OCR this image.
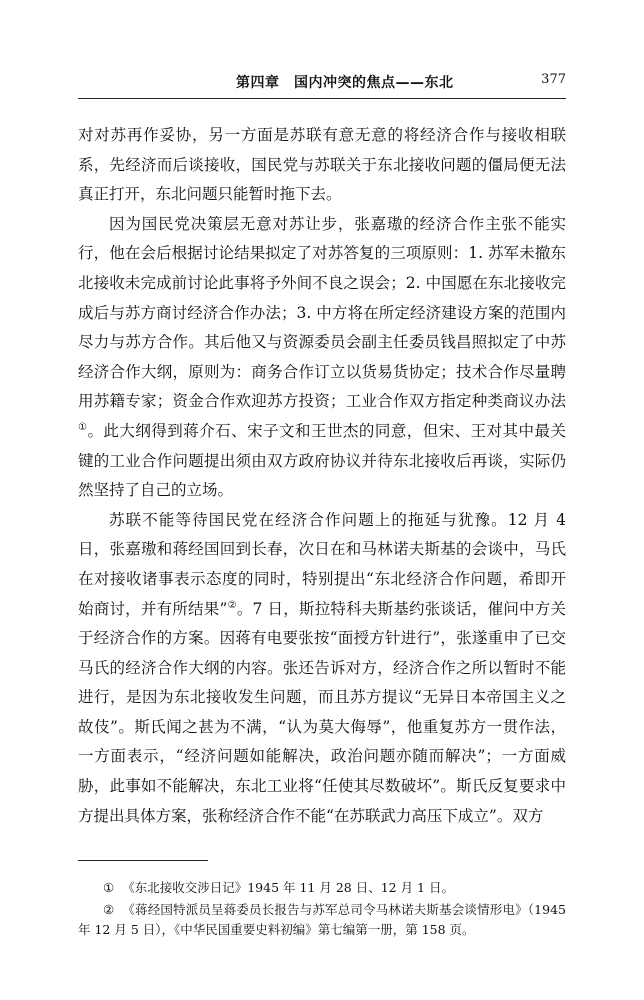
第四章　国内冲突的焦点——东北	377

对对苏再作妥协，另一方面是苏联有意无意的将经济合作与接收相联系，先经济而后谈接收，国民党与苏联关于东北接收问题的僵局便无法真正打开，东北问题只能暂时拖下去。

因为国民党决策层无意对苏让步，张嘉璈的经济合作主张不能实行，他在会后根据讨论结果拟定了对苏答复的三项原则：1. 苏军未撤东北接收未完成前讨论此事将予外间不良之误会；2. 中国愿在东北接收完成后与苏方商讨经济合作办法；3. 中方将在所定经济建设方案的范围内尽力与苏方合作。其后他又与资源委员会副主任委员钱昌照拟定了中苏经济合作大纲，原则为：商务合作订立以货易货协定；技术合作尽量聘用苏籍专家；资金合作欢迎苏方投资；工业合作双方指定种类商议办法①。此大纲得到蒋介石、宋子文和王世杰的同意，但宋、王对其中最关键的工业合作问题提出须由双方政府协议并待东北接收后再谈，实际仍然坚持了自己的立场。

苏联不能等待国民党在经济合作问题上的拖延与犹豫。12 月 4 日，张嘉璈和蒋经国回到长春，次日在和马林诺夫斯基的会谈中，马氏在对接收诸事表示态度的同时，特别提出“东北经济合作问题，希即开始商讨，并有所结果”②。7 日，斯拉特科夫斯基约张谈话，催问中方关于经济合作的方案。因蒋有电要张按“面授方针进行”，张遂重申了已交马氏的经济合作大纲的内容。张还告诉对方，经济合作之所以暂时不能进行，是因为东北接收发生问题，而且苏方提议“无异日本帝国主义之故伎”。斯氏闻之甚为不满，“认为莫大侮辱”，他重复苏方一贯作法，一方面表示，“经济问题如能解决，政治问题亦随而解决”；一方面威胁，此事如不能解决，东北工业将“任使其尽数破坏”。斯氏反复要求中方提出具体方案，张称经济合作不能“在苏联武力高压下成立”。双方

① 《东北接收交涉日记》1945 年 11 月 28 日、12 月 1 日。

② 《蒋经国特派员呈蒋委员长报告与苏军总司令马林诺夫斯基会谈情形电》（1945 年 12 月 5 日），《中华民国重要史料初编》第七编第一册，第 158 页。
